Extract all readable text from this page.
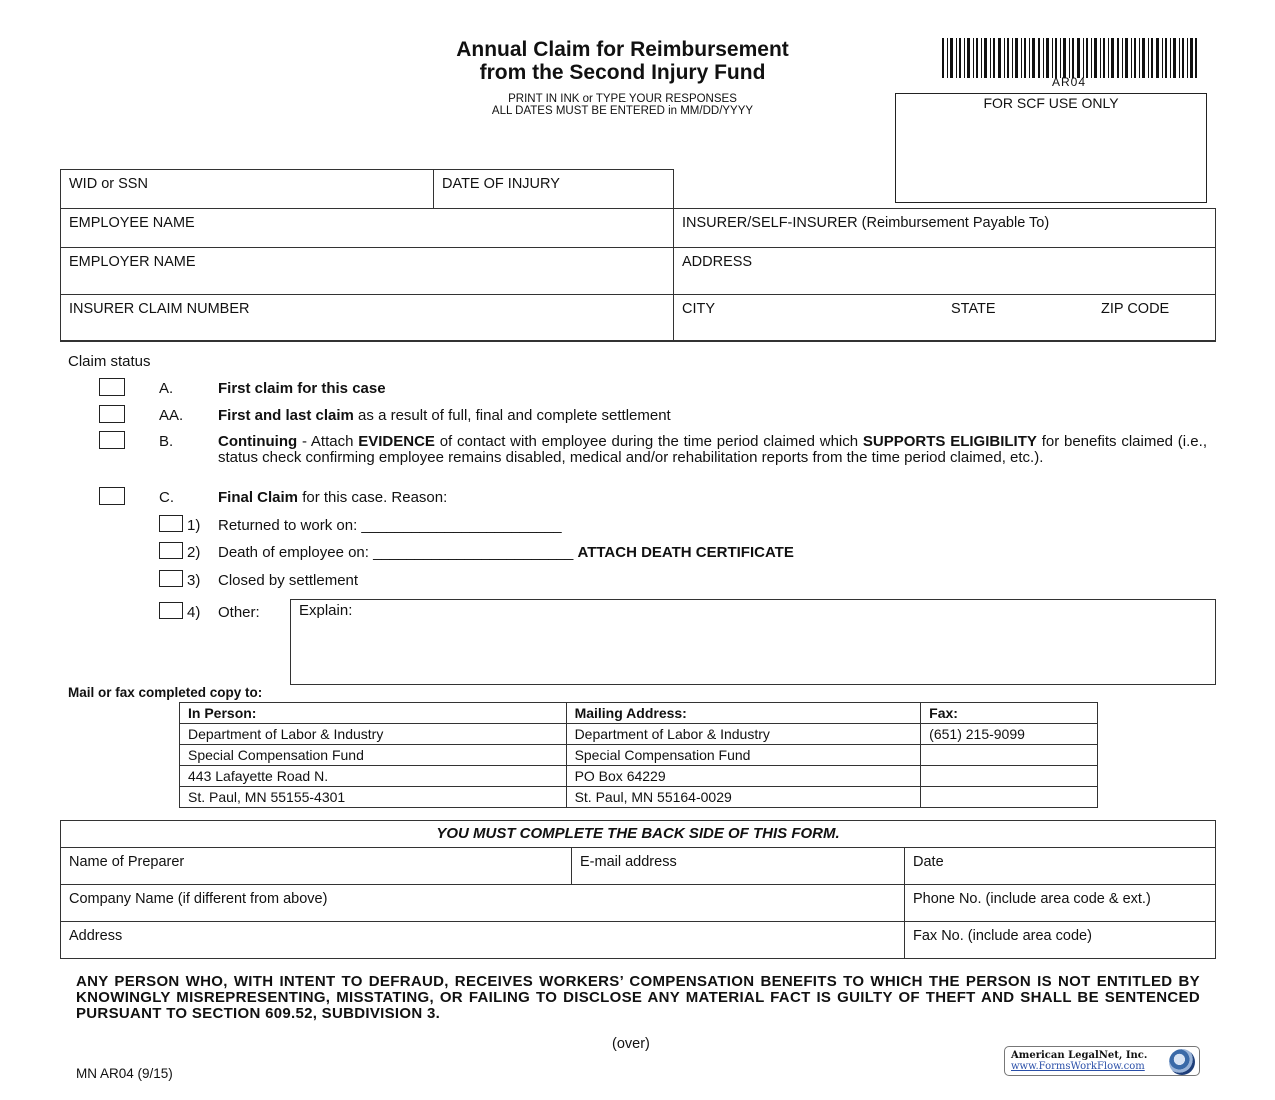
Annual Claim for Reimbursement
from the Second Injury Fund
PRINT IN INK or TYPE YOUR RESPONSES
ALL DATES MUST BE ENTERED in MM/DD/YYYY
AR04
FOR SCF USE ONLY
WID or SSN	DATE OF INJURY
EMPLOYEE NAME	INSURER/SELF-INSURER (Reimbursement Payable To)
EMPLOYER NAME	ADDRESS
INSURER CLAIM NUMBER	CITY	STATE	ZIP CODE
Claim status
A.	First claim for this case
AA. First and last claim as a result of full, final and complete settlement
B.	Continuing - Attach EVIDENCE of contact with employee during the time period claimed which SUPPORTS ELIGIBILITY for benefits claimed (i.e., status check confirming employee remains disabled, medical and/or rehabilitation reports from the time period claimed, etc.).
C.	Final Claim for this case. Reason:
1) Returned to work on: ________________________
2) Death of employee on: ________________________ ATTACH DEATH CERTIFICATE
3) Closed by settlement
4) Other:	Explain:
Mail or fax completed copy to:
In Person:	Mailing Address:	Fax:
Department of Labor & Industry	Department of Labor & Industry	(651) 215-9099
Special Compensation Fund	Special Compensation Fund	
443 Lafayette Road N.	PO Box 64229	
St. Paul, MN 55155-4301	St. Paul, MN 55164-0029	
YOU MUST COMPLETE THE BACK SIDE OF THIS FORM.
Name of Preparer	E-mail address	Date
Company Name (if different from above)	Phone No. (include area code & ext.)
Address	Fax No. (include area code)
ANY PERSON WHO, WITH INTENT TO DEFRAUD, RECEIVES WORKERS’ COMPENSATION BENEFITS TO WHICH THE PERSON IS NOT ENTITLED BY KNOWINGLY MISREPRESENTING, MISSTATING, OR FAILING TO DISCLOSE ANY MATERIAL FACT IS GUILTY OF THEFT AND SHALL BE SENTENCED PURSUANT TO SECTION 609.52, SUBDIVISION 3.
(over)
MN AR04 (9/15)
American LegalNet, Inc.
www.FormsWorkFlow.com
